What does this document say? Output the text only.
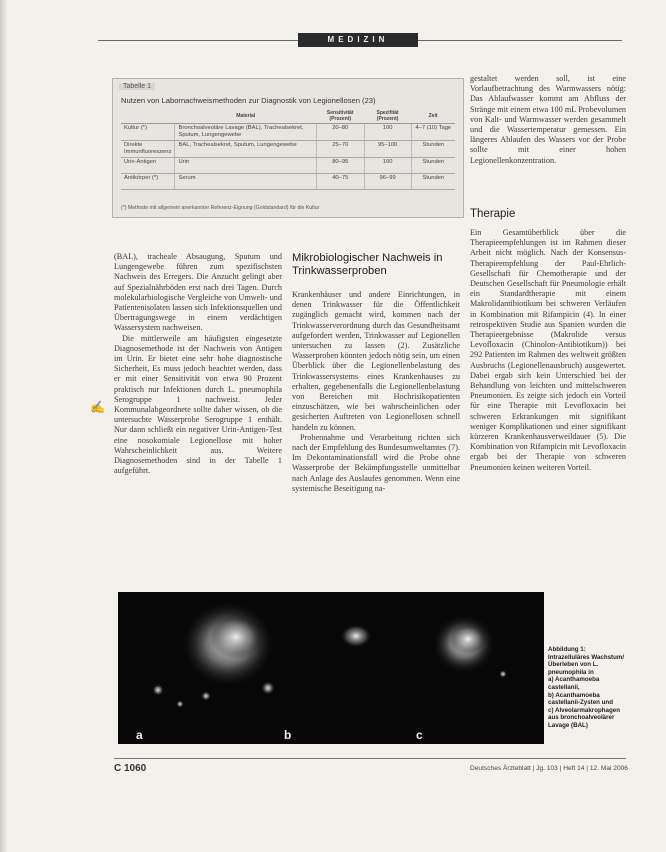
MEDIZIN
Tabelle 1
Nutzen von Labornachweismethoden zur Diagnostik von Legionellosen (23)
	Material	Sensitivität (Prozent)	Spezifität (Prozent)	Zeit
Kultur (*)	Bronchoalveoläre Lavage (BAL), Trachealsekret, Sputum, Lungengewebe	20–80	100	4–7 (10) Tage
Direkte Immunfluoreszenz	BAL, Trachealsekret, Sputum, Lungengewebe	25–70	95–100	Stunden
Urin-Antigen	Urin	80–95	100	Stunden
Antikörper (*)	Serum	40–75	96–99	Stunden
(*) Methode mit allgemein anerkannter Referenz-Eignung (Goldstandard) für die Kultur

gestaltet werden soll, ist eine Vorlaufbetrachtung des Warmwassers nötig: Das Ablaufwasser kommt am Abfluss der Stränge mit einem etwa 100 mL Probevolumen von Kalt- und Warmwasser werden gesammelt und die Wassertemperatur gemessen. Ein längeres Ablaufen des Wassers vor der Probe sollte mit einer hohen Legionellenkonzentration.

Therapie

Ein Gesamtüberblick über die Therapieempfehlungen ist im Rahmen dieser Arbeit nicht möglich. Nach der Konsensus-Therapieempfehlung der Paul-Ehrlich-Gesellschaft für Chemotherapie und der Deutschen Gesellschaft für Pneumologie erhält ein Standardtherapie mit einem Makrolidantibiotikum bei schweren Verläufen in Kombination mit Rifampicin (4). In einer retrospektiven Studie aus Spanien wurden die Therapieergebnisse (Makrolide versus Levofloxacin (Chinolon-Antibiotikum)) bei 292 Patienten im Rahmen des weltweit größten Ausbruchs (Legionellenausbruch) ausgewertet. Dabei ergab sich kein Unterschied bei der Behandlung von leichten und mittelschweren Pneumonien. Es zeigte sich jedoch ein Vorteil für eine Therapie mit Levofloxacin bei schweren Erkrankungen mit signifikant weniger Komplikationen und einer signifikant kürzeren Krankenhausverweildauer (5). Die Kombination von Rifampicin mit Levofloxacin ergab bei der Therapie von schweren Pneumonien keinen weiteren Vorteil.

(BAL), tracheale Absaugung, Sputum und Lungengewebe führen zum spezifischsten Nachweis des Erregers. Die Anzucht gelingt aber auf Spezialnährböden erst nach drei Tagen. Durch molekularbiologische Vergleiche von Umwelt- und Patientenisolaten lassen sich Infektionsquellen und Übertragungswege in einem verdächtigen Wassersystem nachweisen.

Die mittlerweile am häufigsten eingesetzte Diagnosemethode ist der Nachweis von Antigen im Urin. Er bietet eine sehr hohe diagnostische Sicherheit, Es muss jedoch beachtet werden, dass er mit einer Sensitivität von etwa 90 Prozent praktisch nur Infektionen durch L. pneumophila Serogruppe 1 nachweist. Jeder Kommunalabgeordnete sollte daher wissen, ob die untersuchte Wasserprobe Serogruppe 1 enthält. Nur dann schließt ein negativer Urin-Antigen-Test eine nosokomiale Legionellose mit hoher Wahrscheinlichkeit aus. Weitere Diagnosemethoden sind in der Tabelle 1 aufgeführt.

✍
Mikrobiologischer Nachweis in Trinkwasserproben

Krankenhäuser und andere Einrichtungen, in denen Trinkwasser für die Öffentlichkeit zugänglich gemacht wird, kommen nach der Trinkwasserverordnung durch das Gesundheitsamt aufgefordert werden, Trinkwasser auf Legionellen untersuchen zu lassen (2). Zusätzliche Wasserproben könnten jedoch nötig sein, um einen Überblick über die Legionellenbelastung des Trinkwassersystems eines Krankenhauses zu erhalten, gegebenenfalls die Legionellenbelastung von Bereichen mit Hochrisikopatienten einzuschätzen, wie bei wahrscheinlichen oder gesicherten Auftreten von Legionellosen schnell handeln zu können.

Probennahme und Verarbeitung richten sich nach der Empfehlung des Bundesumweltamtes (7). Im Dekontaminationsfall wird die Probe ohne Wasserprobe der Bekämpfungsstelle unmittelbar nach Anlage des Auslaufes genommen. Wenn eine systemische Beseitigung na-

a	b	c
Abbildung 1:
Intrazelluläres Wachstum/Überleben von L. pneumophila in
a) Acanthamoeba castellanii,
b) Acanthamoeba castellanii-Zysten und
c) Alveolarmakrophagen aus bronchoalveolärer Lavage (BAL)
C 1060	Deutsches Ärzteblatt | Jg. 103 | Heft 14 | 12. Mai 2006
